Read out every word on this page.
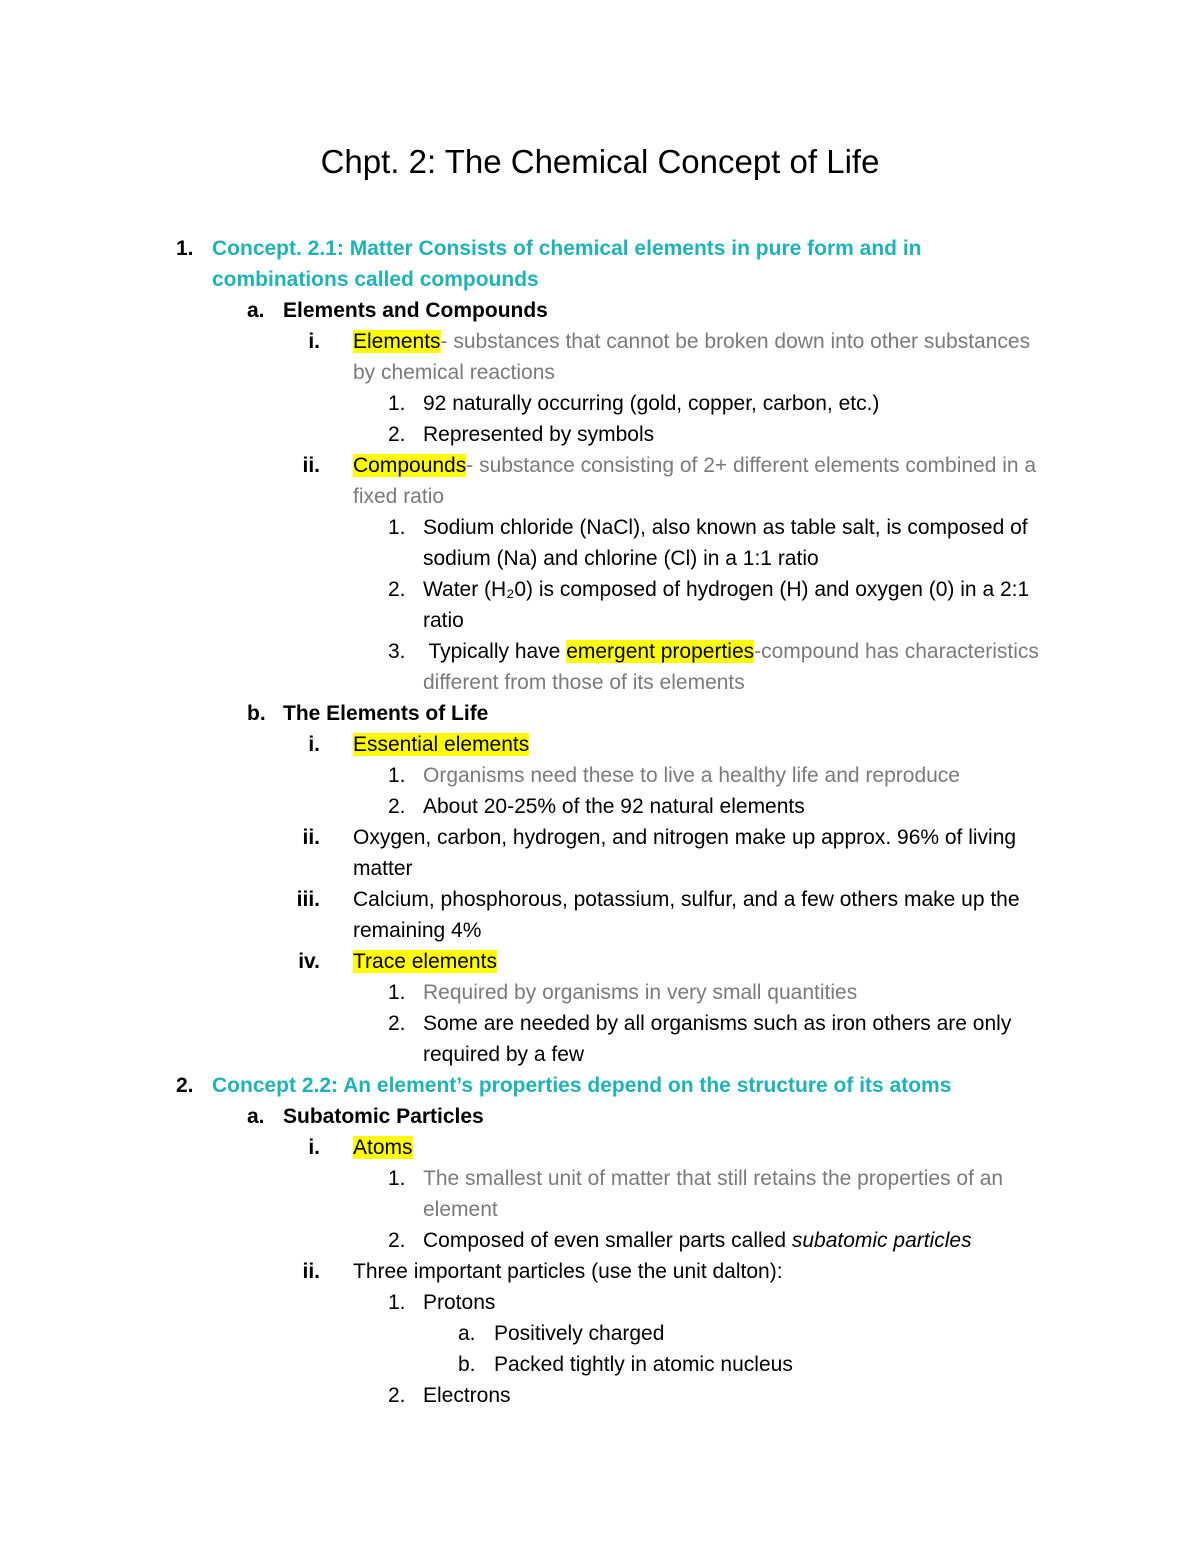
Chpt. 2: The Chemical Concept of Life
1. Concept. 2.1: Matter Consists of chemical elements in pure form and in combinations called compounds
a. Elements and Compounds
i. Elements- substances that cannot be broken down into other substances by chemical reactions
1. 92 naturally occurring (gold, copper, carbon, etc.)
2. Represented by symbols
ii. Compounds- substance consisting of 2+ different elements combined in a fixed ratio
1. Sodium chloride (NaCl), also known as table salt, is composed of sodium (Na) and chlorine (Cl) in a 1:1 ratio
2. Water (H₂0) is composed of hydrogen (H) and oxygen (0) in a 2:1 ratio
3. Typically have emergent properties-compound has characteristics different from those of its elements
b. The Elements of Life
i. Essential elements
1. Organisms need these to live a healthy life and reproduce
2. About 20-25% of the 92 natural elements
ii. Oxygen, carbon, hydrogen, and nitrogen make up approx. 96% of living matter
iii. Calcium, phosphorous, potassium, sulfur, and a few others make up the remaining 4%
iv. Trace elements
1. Required by organisms in very small quantities
2. Some are needed by all organisms such as iron others are only required by a few
2. Concept 2.2: An element’s properties depend on the structure of its atoms
a. Subatomic Particles
i. Atoms
1. The smallest unit of matter that still retains the properties of an element
2. Composed of even smaller parts called subatomic particles
ii. Three important particles (use the unit dalton):
1. Protons
a. Positively charged
b. Packed tightly in atomic nucleus
2. Electrons
